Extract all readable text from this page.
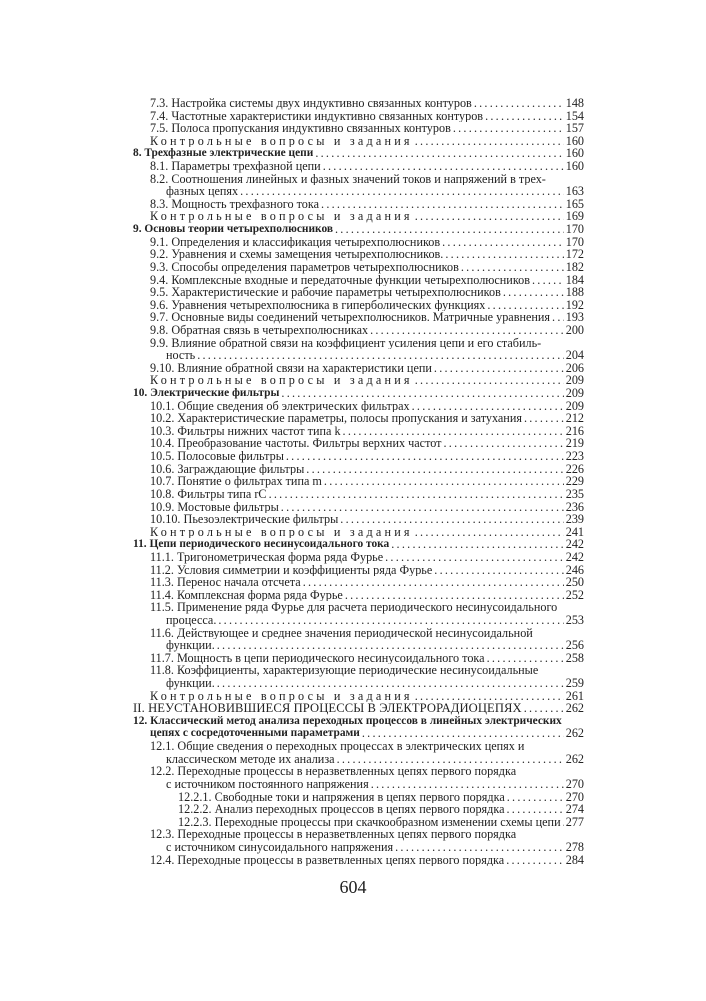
7.3. Настройка системы двух индуктивно связанных контуров . . .	148
7.4. Частотные характеристики индуктивно связанных контуров . . .	154
7.5. Полоса пропускания индуктивно связанных контуров . . .	157
Контрольные вопросы и задания . . .	160
8. Трехфазные электрические цепи . . .	160
8.1. Параметры трехфазной цепи . . .	160
8.2. Соотношения линейных и фазных значений токов и напряжений в трех-
фазных цепях . . .	163
8.3. Мощность трехфазного тока . . .	165
Контрольные вопросы и задания . . .	169
9. Основы теории четырехполюсников . . .	170
9.1. Определения и классификация четырехполюсников . . .	170
9.2. Уравнения и схемы замещения четырехполюсников. . . .	172
9.3. Способы определения параметров четырехполюсников . . .	182
9.4. Комплексные входные и передаточные функции четырехполюсников . . .	184
9.5. Характеристические и рабочие параметры четырехполюсников . . .	188
9.6. Уравнения четырехполюсника в гиперболических функциях . . .	192
9.7. Основные виды соединений четырехполюсников. Матричные уравнения . . . 193
9.8. Обратная связь в четырехполюсниках . . .	200
9.9. Влияние обратной связи на коэффициент усиления цепи и его стабиль-
ность . . .	204
9.10. Влияние обратной связи на характеристики цепи . . .	206
Контрольные вопросы и задания . . .	209
10. Электрические фильтры . . .	209
10.1. Общие сведения об электрических фильтрах . . .	209
10.2. Характеристические параметры, полосы пропускания и затухания . . .	212
10.3. Фильтры нижних частот типа k . . .	216
10.4. Преобразование частоты. Фильтры верхних частот . . .	219
10.5. Полосовые фильтры . . .	223
10.6. Заграждающие фильтры . . .	226
10.7. Понятие о фильтрах типа m . . .	229
10.8. Фильтры типа rC . . .	235
10.9. Мостовые фильтры . . .	236
10.10. Пьезоэлектрические фильтры . . .	239
Контрольные вопросы и задания . . .	241
11. Цепи периодического несинусоидального тока . . .	242
11.1. Тригонометрическая форма ряда Фурье . . .	242
11.2. Условия симметрии и коэффициенты ряда Фурье . . .	246
11.3. Перенос начала отсчета . . .	250
11.4. Комплексная форма ряда Фурье . . .	252
11.5. Применение ряда Фурье для расчета периодического несинусоидального
процесса. . . .	253
11.6. Действующее и среднее значения периодической несинусоидальной
функции. . . .	256
11.7. Мощность в цепи периодического несинусоидального тока . . .	258
11.8. Коэффициенты, характеризующие периодические несинусоидальные
функции. . . .	259
Контрольные вопросы и задания . . .	261
II. НЕУСТАНОВИВШИЕСЯ ПРОЦЕССЫ В ЭЛЕКТРОРАДИОЦЕПЯХ . . .	262
12. Классический метод анализа переходных процессов в линейных электрических
цепях с сосредоточенными параметрами . . .	262
12.1. Общие сведения о переходных процессах в электрических цепях и
классическом методе их анализа . . .	262
12.2. Переходные процессы в неразветвленных цепях первого порядка
с источником постоянного напряжения . . .	270
12.2.1. Свободные токи и напряжения в цепях первого порядка . . .	270
12.2.2. Анализ переходных процессов в цепях первого порядка . . .	274
12.2.3. Переходные процессы при скачкообразном изменении схемы цепи . . . 277
12.3. Переходные процессы в неразветвленных цепях первого порядка
с источником синусоидального напряжения . . .	278
12.4. Переходные процессы в разветвленных цепях первого порядка . . .	284
604
